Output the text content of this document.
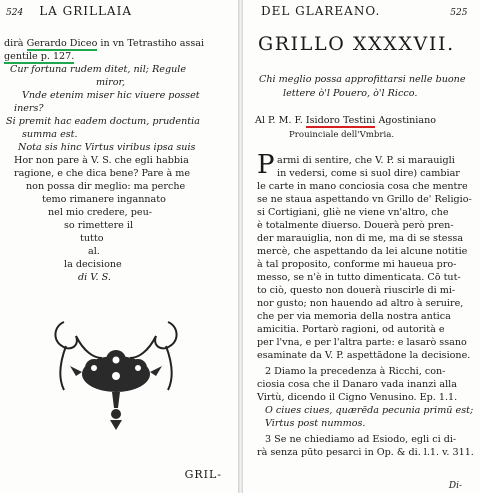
524 LA GRILLAIA
dirà Gerardo Diceo in vn Tetrastiho assai
gentile p. 127.
Cur fortuna rudem ditet, nil; Regule
miror,
Vnde etenim miser hic viuere posset
iners?
Si premit hac eadem doctum, prudentia
summa est.
Nota sis hinc Virtus viribus ipsa suis
Hor non pare à V. S. che egli habbia
ragione, e che dica bene? Pare à me
non possa dir meglio: ma perche
temo rimanere ingannato
nel mio credere, peu-
so rimettere il
tutto
al.
la decisione
di V. S.
GRIL-
DEL GLAREANO.	525
GRILLO XXXXVII.
P
Chi meglio possa approfittarsi nelle buone
lettere ò'l Pouero, ò'l Ricco.
Al P. M. F. Isidoro Testini Agostiniano
Prouinciale dell'Vmbria.
armi di sentire, che V. P. si marauigli
in vedersi, come si suol dire) cambiar
le carte in mano conciosia cosa che mentre
se ne staua aspettando vn Grillo de' Religio-
si Cortigiani, gliè ne viene vn'altro, che
è totalmente diuerso. Douerà però pren-
der marauiglia, non di me, ma di se stessa
mercè, che aspettando da lei alcune notitie
à tal proposito, conforme mi haueua pro-
messo, se n'è in tutto dimenticata. Cō tut-
to ciò, questo non douerà riuscirle di mi-
nor gusto; non hauendo ad altro à seruire,
che per via memoria della nostra antica
amicitia. Portarò ragioni, od autorità e
per l'vna, e per l'altra parte: e lasarò ssano
esaminate da V. P. aspettādone la decisione.
2 Diamo la precedenza à Ricchi, con-
ciosia cosa che il Danaro vada inanzi alla
Virtù, dicendo il Cigno Venusino. Ep. 1.1.
O ciues ciues, quærēda pecunia primū est;
Virtus post nummos.
3 Se ne chiediamo ad Esiodo, egli ci di-
rà senza pūto pesarci in Op. & di. l.1. v. 311.
Di-
